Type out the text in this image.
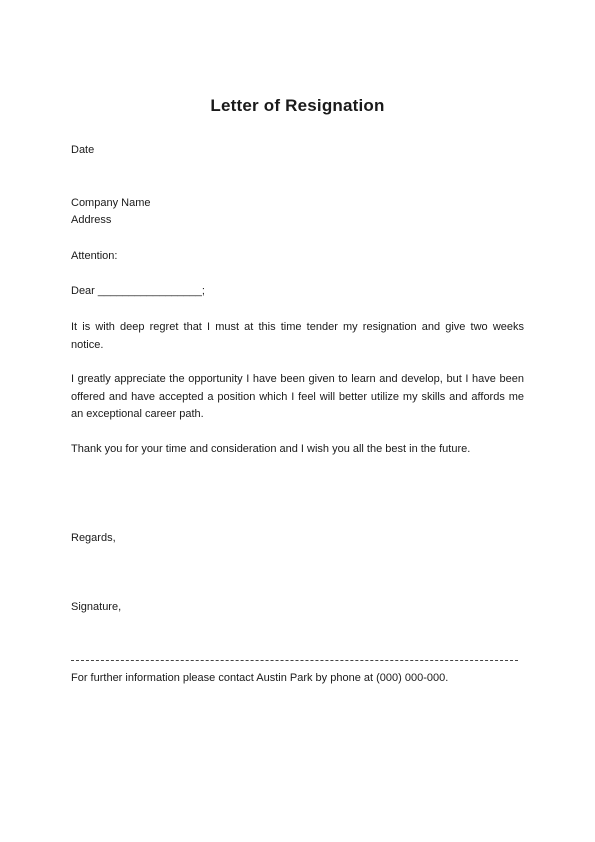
Letter of Resignation
Date
Company Name
Address
Attention:
Dear _________________;
It is with deep regret that I must at this time tender my resignation and give two weeks notice.
I greatly appreciate the opportunity I have been given to learn and develop, but I have been offered and have accepted a position which I feel will better utilize my skills and affords me an exceptional career path.
Thank you for your time and consideration and I wish you all the best in the future.
Regards,
Signature,
For further information please contact Austin Park by phone at (000) 000-000.
